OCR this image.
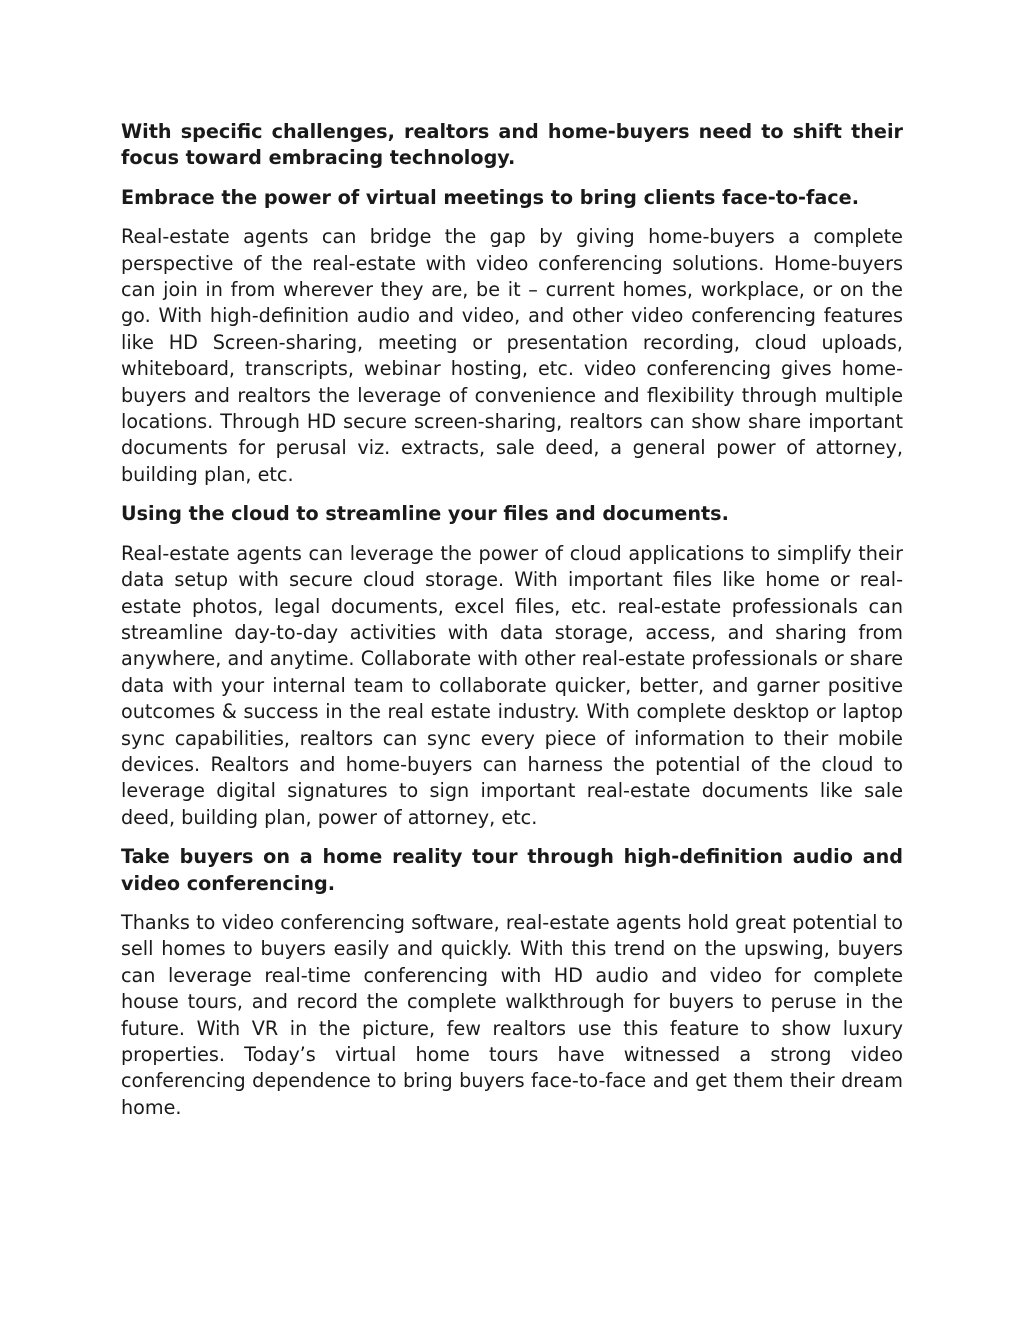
With specific challenges, realtors and home-buyers need to shift their focus toward embracing technology.

Embrace the power of virtual meetings to bring clients face-to-face.

Real-estate agents can bridge the gap by giving home-buyers a complete perspective of the real-estate with video conferencing solutions. Home-buyers can join in from wherever they are, be it – current homes, workplace, or on the go. With high-definition audio and video, and other video conferencing features like HD Screen-sharing, meeting or presentation recording, cloud uploads, whiteboard, transcripts, webinar hosting, etc. video conferencing gives home-buyers and realtors the leverage of convenience and flexibility through multiple locations. Through HD secure screen-sharing, realtors can show share important documents for perusal viz. extracts, sale deed, a general power of attorney, building plan, etc.

Using the cloud to streamline your files and documents.

Real-estate agents can leverage the power of cloud applications to simplify their data setup with secure cloud storage. With important files like home or real-estate photos, legal documents, excel files, etc. real-estate professionals can streamline day-to-day activities with data storage, access, and sharing from anywhere, and anytime. Collaborate with other real-estate professionals or share data with your internal team to collaborate quicker, better, and garner positive outcomes & success in the real estate industry. With complete desktop or laptop sync capabilities, realtors can sync every piece of information to their mobile devices. Realtors and home-buyers can harness the potential of the cloud to leverage digital signatures to sign important real-estate documents like sale deed, building plan, power of attorney, etc.

Take buyers on a home reality tour through high-definition audio and video conferencing.

Thanks to video conferencing software, real-estate agents hold great potential to sell homes to buyers easily and quickly. With this trend on the upswing, buyers can leverage real-time conferencing with HD audio and video for complete house tours, and record the complete walkthrough for buyers to peruse in the future. With VR in the picture, few realtors use this feature to show luxury properties. Today’s virtual home tours have witnessed a strong video conferencing dependence to bring buyers face-to-face and get them their dream home.
